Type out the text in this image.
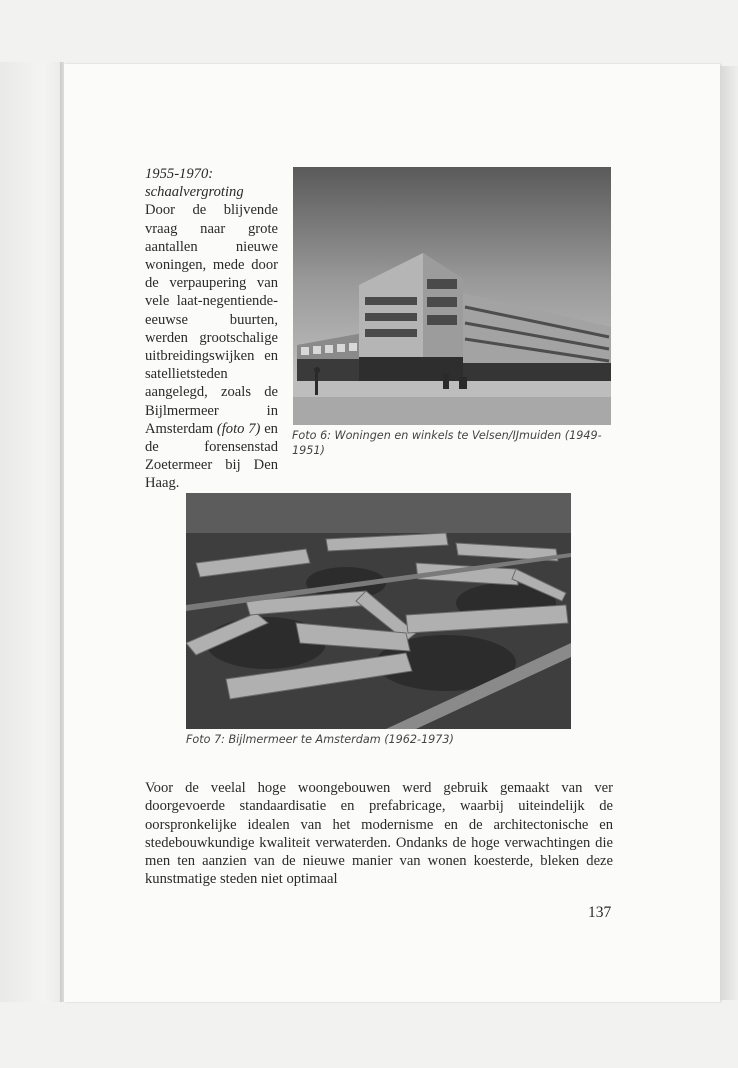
1955-1970: schaalvergroting
Door de blijvende vraag naar grote aantallen nieuwe woningen, mede door de verpaupering van vele laat-negentiende-eeuwse buurten, werden grootschalige uitbreidingswijken en satellietsteden aangelegd, zoals de Bijlmermeer in Amsterdam (foto 7) en de forensenstad Zoetermeer bij Den Haag.
Foto 6: Woningen en winkels te Velsen/IJmuiden (1949-1951)
Foto 7: Bijlmermeer te Amsterdam (1962-1973)
Voor de veelal hoge woongebouwen werd gebruik gemaakt van ver doorgevoerde standaardisatie en prefabricage, waarbij uiteindelijk de oorspronkelijke idealen van het modernisme en de architectonische en stedebouwkundige kwaliteit verwaterden. Ondanks de hoge verwachtingen die men ten aanzien van de nieuwe manier van wonen koesterde, bleken deze kunstmatige steden niet optimaal
137
